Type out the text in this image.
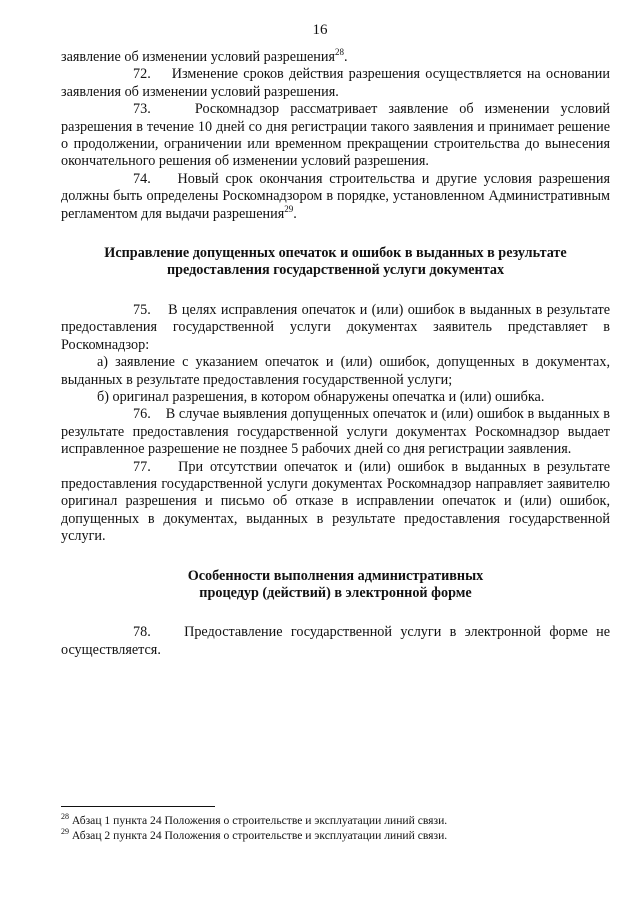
16

заявление об изменении условий разрешения$^{28}$.

72. Изменение сроков действия разрешения осуществляется на основании заявления об изменении условий разрешения.

73.	Роскомнадзор рассматривает заявление об изменении условий разрешения в течение 10 дней со дня регистрации такого заявления и принимает решение о продолжении, ограничении или временном прекращении строительства до вынесения окончательного решения об изменении условий разрешения.

74. Новый срок окончания строительства и другие условия разрешения должны быть определены Роскомнадзором в порядке, установленном Административным регламентом для выдачи разрешения$^{29}$.

Исправление допущенных опечаток и ошибок в выданных в результате

предоставления государственной услуги документах

75. В целях исправления опечаток и (или) ошибок в выданных в результате предоставления государственной услуги документах заявитель представляет в Роскомнадзор:

а) заявление с указанием опечаток и (или) ошибок, допущенных в документах, выданных в результате предоставления государственной услуги;

б) оригинал разрешения, в котором обнаружены опечатка и (или) ошибка.

76. В случае выявления допущенных опечаток и (или) ошибок в выданных в результате предоставления государственной услуги документах Роскомнадзор выдает исправленное разрешение не позднее 5 рабочих дней со дня регистрации заявления.

77. При отсутствии опечаток и (или) ошибок в выданных в результате предоставления государственной услуги документах Роскомнадзор направляет заявителю оригинал разрешения и письмо об отказе в исправлении опечаток и (или) ошибок, допущенных в документах, выданных в результате предоставления государственной услуги.

Особенности выполнения административных

процедур (действий) в электронной форме

78. Предоставление государственной услуги в электронной форме не осуществляется.

$^{28}$ Абзац 1 пункта 24 Положения о строительстве и эксплуатации линий связи.

$^{29}$ Абзац 2 пункта 24 Положения о строительстве и эксплуатации линий связи.
